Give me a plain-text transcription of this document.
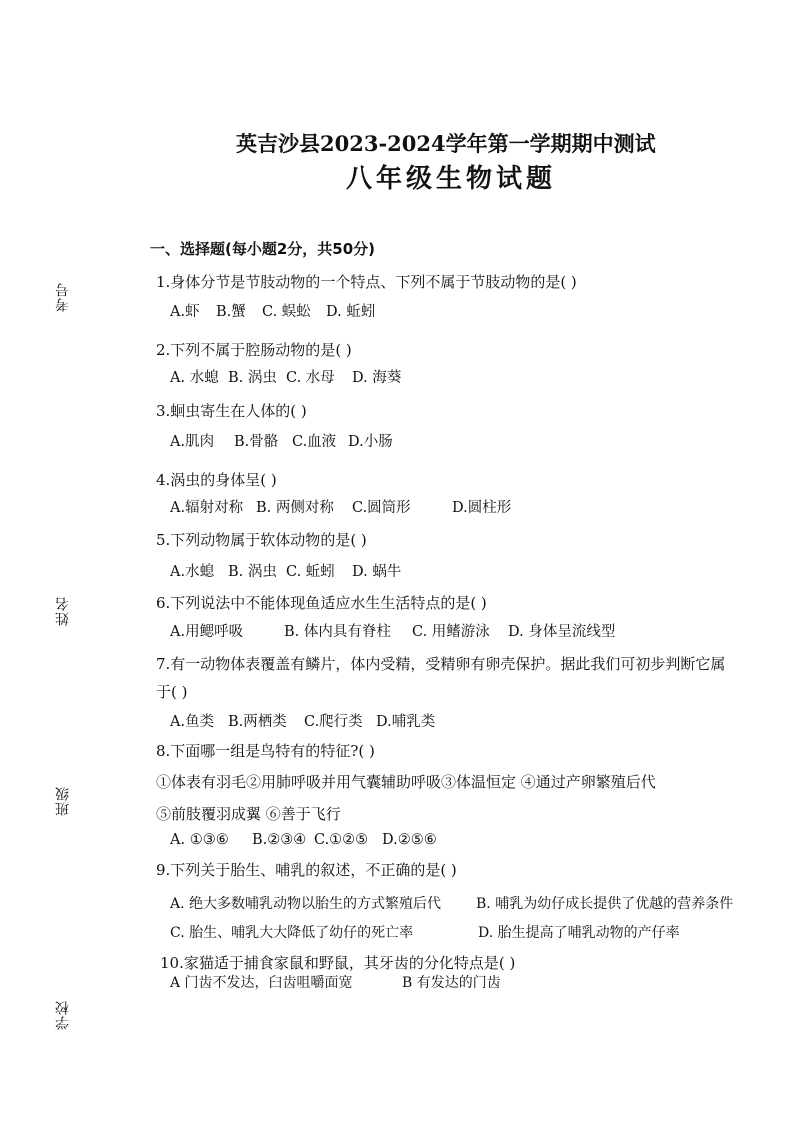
考号
姓名
班级
学校
英吉沙县2023-2024学年第一学期期中测试
八年级生物试题
一、选择题(每小题2分，共50分)
1.身体分节是节肢动物的一个特点、下列不属于节肢动物的是( )
A.虾 B.蟹 C. 蜈蚣 D. 蚯蚓
2.下列不属于腔肠动物的是( )
A. 水螅 B. 涡虫 C. 水母 D. 海葵
3.蛔虫寄生在人体的( )
A.肌肉 B.骨骼 C.血液 D.小肠
4.涡虫的身体呈( )
A.辐射对称 B. 两侧对称 C.圆筒形	D.圆柱形
5.下列动物属于软体动物的是( )
A.水螅 B. 涡虫 C. 蚯蚓 D. 蜗牛
6.下列说法中不能体现鱼适应水生生活特点的是( )
A.用鳃呼吸	B. 体内具有脊柱 C. 用鳍游泳 D. 身体呈流线型
7.有一动物体表覆盖有鳞片，体内受精，受精卵有卵壳保护。据此我们可初步判断它属
于( )
A.鱼类 B.两栖类 C.爬行类 D.哺乳类
8.下面哪一组是鸟特有的特征?( )
①体表有羽毛②用肺呼吸并用气囊辅助呼吸③体温恒定 ④通过产卵繁殖后代
⑤前肢覆羽成翼 ⑥善于飞行
A. ①③⑥ B.②③④ C.①②⑤ D.②⑤⑥
9.下列关于胎生、哺乳的叙述，不正确的是( )
A. 绝大多数哺乳动物以胎生的方式繁殖后代 B. 哺乳为幼仔成长提供了优越的营养条件
C. 胎生、哺乳大大降低了幼仔的死亡率	D. 胎生提高了哺乳动物的产仔率
10.家猫适于捕食家鼠和野鼠，其牙齿的分化特点是( )
A 门齿不发达，臼齿咀嚼面宽	B 有发达的门齿
